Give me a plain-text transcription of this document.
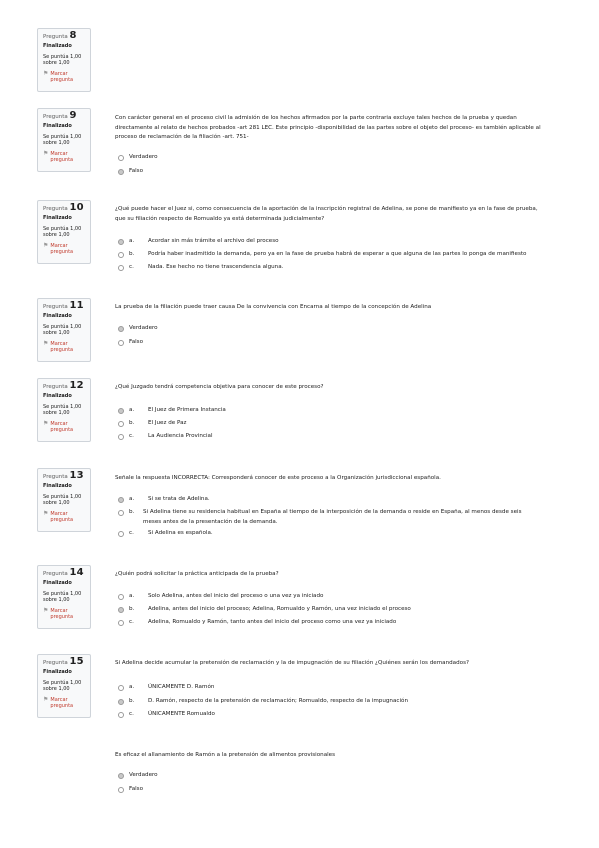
Pregunta 8
Finalizado
Se puntúa 1,00 sobre 1,00
⚑ Marcar pregunta
Pregunta 9
Finalizado
Se puntúa 1,00 sobre 1,00
⚑ Marcar pregunta
Con carácter general en el proceso civil la admisión de los hechos afirmados por la parte contraria excluye tales hechos de la prueba y quedan directamente al relato de hechos probados -art 281 LEC. Este principio -disponibilidad de las partes sobre el objeto del proceso- es también aplicable al proceso de reclamación de la filiación -art. 751-
Verdadero
Falso
Pregunta 10
Finalizado
Se puntúa 1,00 sobre 1,00
⚑ Marcar pregunta
¿Qué puede hacer el Juez si, como consecuencia de la aportación de la inscripción registral de Adelina, se pone de manifiesto ya en la fase de prueba, que su filiación respecto de Romualdo ya está determinada judicialmente?
a.	Acordar sin más trámite el archivo del proceso
b.	Podría haber inadmitido la demanda, pero ya en la fase de prueba habrá de esperar a que alguna de las partes lo ponga de manifiesto
c.	Nada. Ese hecho no tiene trascendencia alguna.
Pregunta 11
Finalizado
Se puntúa 1,00 sobre 1,00
⚑ Marcar pregunta
La prueba de la filiación puede traer causa De la convivencia con Encarna al tiempo de la concepción de Adelina
Verdadero
Falso
Pregunta 12
Finalizado
Se puntúa 1,00 sobre 1,00
⚑ Marcar pregunta
¿Qué Juzgado tendrá competencia objetiva para conocer de este proceso?
a.	El Juez de Primera Instancia
b.	El Juez de Paz
c.	La Audiencia Provincial
Pregunta 13
Finalizado
Se puntúa 1,00 sobre 1,00
⚑ Marcar pregunta
Señale la respuesta INCORRECTA: Corresponderá conocer de este proceso a la Organización jurisdiccional española.
a.	Si se trata de Adelina.
b.	Si Adelina tiene su residencia habitual en España al tiempo de la interposición de la demanda o reside en España, al menos desde seis meses antes de la presentación de la demanda.
c.	Si Adelina es española.
Pregunta 14
Finalizado
Se puntúa 1,00 sobre 1,00
⚑ Marcar pregunta
¿Quién podrá solicitar la práctica anticipada de la prueba?
a.	Solo Adelina, antes del inicio del proceso o una vez ya iniciado
b.	Adelina, antes del inicio del proceso; Adelina, Romualdo y Ramón, una vez iniciado el proceso
c.	Adelina, Romualdo y Ramón, tanto antes del inicio del proceso como una vez ya iniciado
Pregunta 15
Finalizado
Se puntúa 1,00 sobre 1,00
⚑ Marcar pregunta
Si Adelina decide acumular la pretensión de reclamación y la de impugnación de su filiación ¿Quiénes serán los demandados?
a.	ÚNICAMENTE D. Ramón
b.	D. Ramón, respecto de la pretensión de reclamación; Romualdo, respecto de la impugnación
c.	ÚNICAMENTE Romualdo
Es eficaz el allanamiento de Ramón a la pretensión de alimentos provisionales
Verdadero
Falso
